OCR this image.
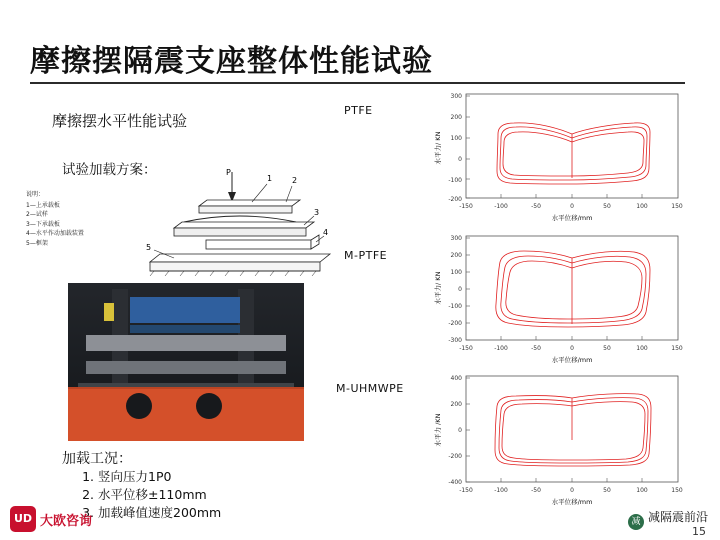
摩擦摆隔震支座整体性能试验
摩擦摆水平性能试验
试验加载方案：
说明：
1—上承载板
2—试样
3—下承载板
4—水平作动加载装置
5—框架
P
1 2
3
4
5
加载工况：
1. 竖向压力1P0
2. 水平位移±110mm
3. 加载峰值速度200mm
PTFE
300
200
100
0
-100
-200
-150	-100	-50	0	50	100	150
水平力/ KN
水平位移/mm
M-PTFE
300
200
100
0
-100
-200
-300
-150	-100	-50	0	50	100	150
水平力/ KN
水平位移/mm
M-UHMWPE
400
200
0
-200
-400
-150	-100	-50	0	50	100	150
水平力 /KN
水平位移/mm
UD 大欧咨询	减 减隔震前沿
15
